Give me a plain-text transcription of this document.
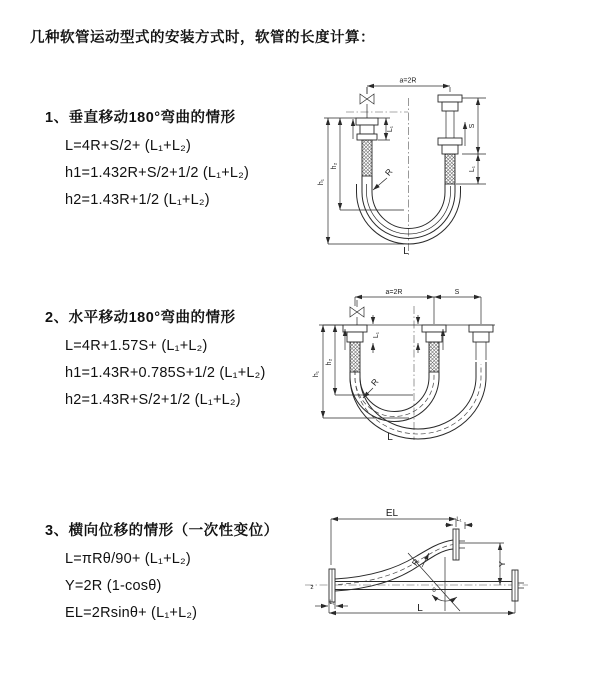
几种软管运动型式的安装方式时，软管的长度计算：
1、垂直移动180°弯曲的情形
L=4R+S/2+ (L₁+L₂)
h1=1.432R+S/2+1/2 (L₁+L₂)
h2=1.43R+1/2 (L₁+L₂)
2、水平移动180°弯曲的情形
L=4R+1.57S+ (L₁+L₂)
h1=1.43R+0.785S+1/2 (L₁+L₂)
h2=1.43R+S/2+1/2 (L₁+L₂)
3、横向位移的情形（一次性变位）
L=πRθ/90+ (L₁+L₂)
Y=2R (1-cosθ)
EL=2Rsinθ+ (L₁+L₂)
a=2R
S
L₁
L₁
h₂
h₁
R
L
a=2R	S
L₁
h₂
h₁
R
L
EL
L₁
Y
L
L₁
R
θ
z
